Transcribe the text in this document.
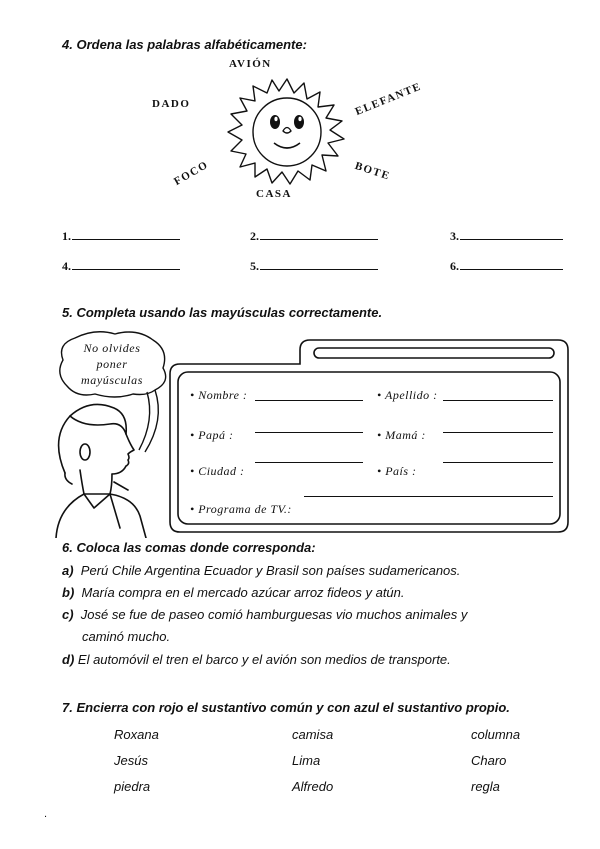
4. Ordena las palabras alfabéticamente:
AVIÓN
DADO	ELEFANTE
FOCO	BOTE
CASA
1.	2.	3.
4.	5.	6.
5. Completa usando las mayúsculas correctamente.
No olvides
poner
mayúsculas
• Nombre :	• Apellido :
• Papá :	• Mamá :
• Ciudad :	• País :
• Programa de TV.:
6. Coloca las comas donde corresponda:
a) Perú Chile Argentina Ecuador y Brasil son países sudamericanos.
b) María compra en el mercado azúcar arroz fideos y atún.
c) José se fue de paseo comió hamburguesas vio muchos animales y
caminó mucho.
d) El automóvil el tren el barco y el avión son medios de transporte.
7. Encierra con rojo el sustantivo común y con azul el sustantivo propio.
Roxana	camisa	columna
Jesús	Lima	Charo
piedra	Alfredo	regla
.
